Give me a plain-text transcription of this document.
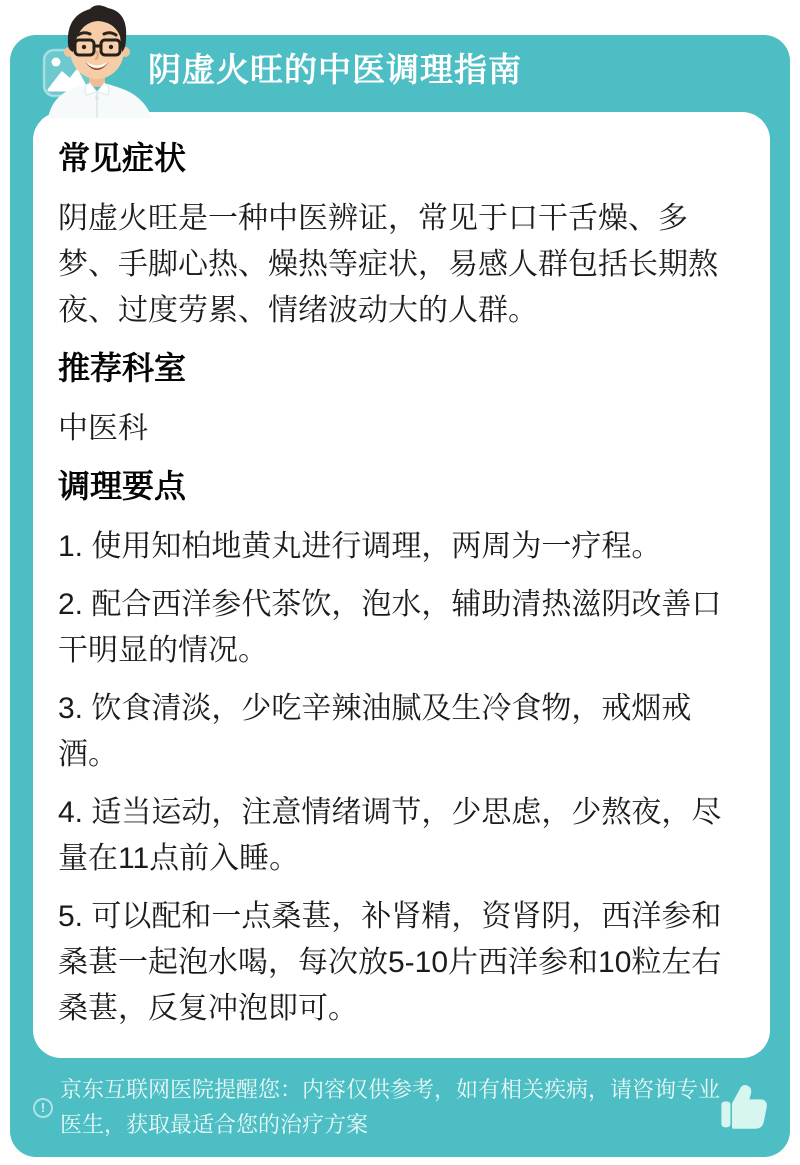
阴虚火旺的中医调理指南
常见症状

阴虚火旺是一种中医辨证，常见于口干舌燥、多梦、手脚心热、燥热等症状，易感人群包括长期熬夜、过度劳累、情绪波动大的人群。

推荐科室

中医科

调理要点
1. 使用知柏地黄丸进行调理，两周为一疗程。
2. 配合西洋参代茶饮，泡水，辅助清热滋阴改善口干明显的情况。
3. 饮食清淡，少吃辛辣油腻及生冷食物，戒烟戒酒。
4. 适当运动，注意情绪调节，少思虑，少熬夜，尽量在11点前入睡。
5. 可以配和一点桑葚，补肾精，资肾阴，西洋参和桑葚一起泡水喝，每次放5-10片西洋参和10粒左右桑葚，反复冲泡即可。
!
京东互联网医院提醒您：内容仅供参考，如有相关疾病，请咨询专业医生，获取最适合您的治疗方案
